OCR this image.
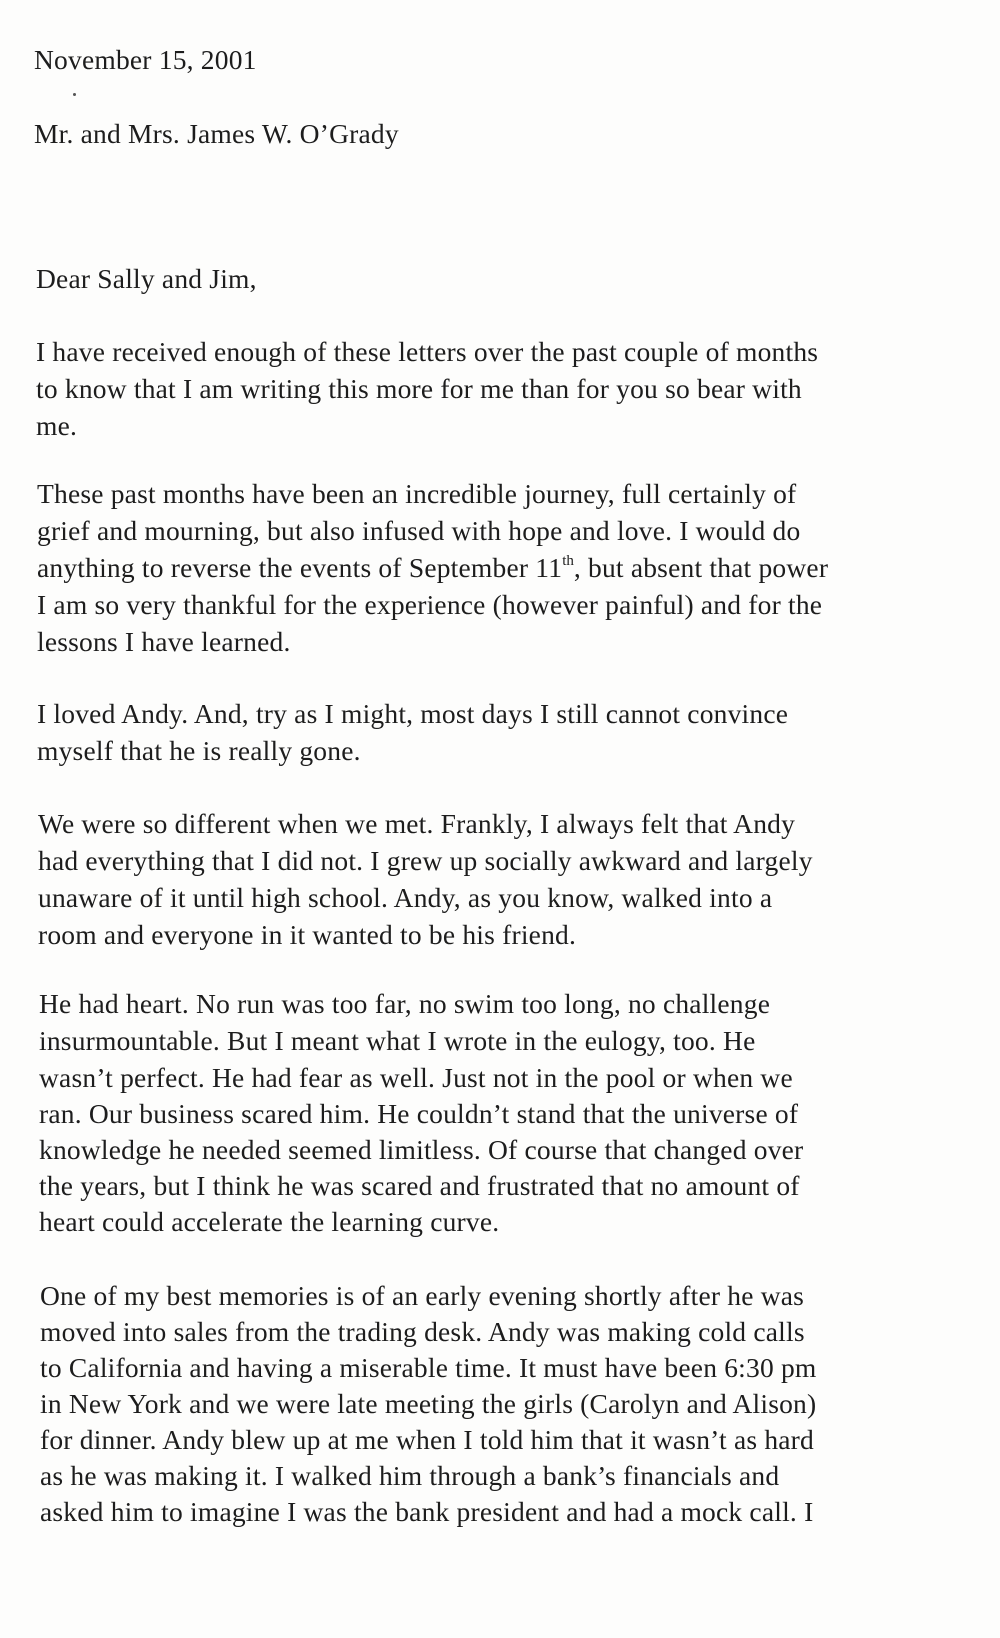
November 15, 2001

Mr. and Mrs. James W. O’Grady

Dear Sally and Jim,

I have received enough of these letters over the past couple of months

to know that I am writing this more for me than for you so bear with

me.

These past months have been an incredible journey, full certainly of

grief and mourning, but also infused with hope and love. I would do

anything to reverse the events of September 11th, but absent that power

I am so very thankful for the experience (however painful) and for the

lessons I have learned.

I loved Andy. And, try as I might, most days I still cannot convince

myself that he is really gone.

We were so different when we met. Frankly, I always felt that Andy

had everything that I did not. I grew up socially awkward and largely

unaware of it until high school. Andy, as you know, walked into a

room and everyone in it wanted to be his friend.

He had heart. No run was too far, no swim too long, no challenge

insurmountable. But I meant what I wrote in the eulogy, too. He

wasn’t perfect. He had fear as well. Just not in the pool or when we

ran. Our business scared him. He couldn’t stand that the universe of

knowledge he needed seemed limitless. Of course that changed over

the years, but I think he was scared and frustrated that no amount of

heart could accelerate the learning curve.

One of my best memories is of an early evening shortly after he was

moved into sales from the trading desk. Andy was making cold calls

to California and having a miserable time. It must have been 6:30 pm

in New York and we were late meeting the girls (Carolyn and Alison)

for dinner. Andy blew up at me when I told him that it wasn’t as hard

as he was making it. I walked him through a bank’s financials and

asked him to imagine I was the bank president and had a mock call. I
